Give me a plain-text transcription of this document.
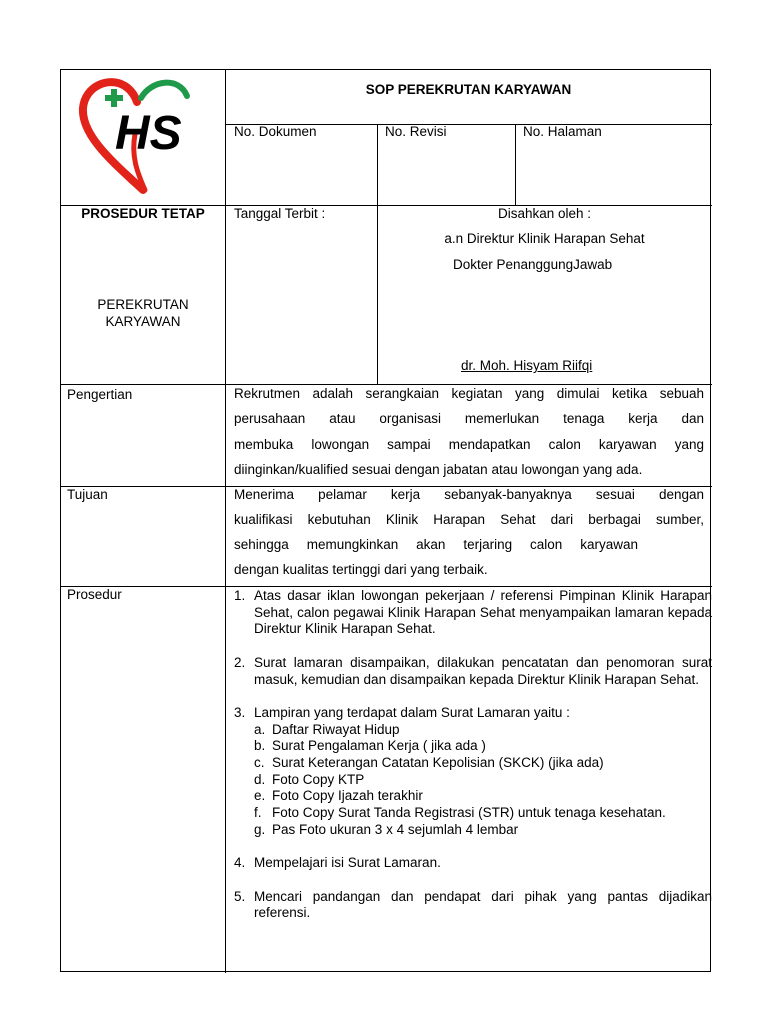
HS
SOP PEREKRUTAN KARYAWAN
No. Dokumen	No. Revisi	No. Halaman
PROSEDUR TETAP
PEREKRUTAN KARYAWAN
Tanggal Terbit :	Disahkan oleh :
a.n Direktur Klinik Harapan Sehat
Dokter PenanggungJawab
dr. Moh. Hisyam Riifqi
Pengertian	Rekrutmen adalah serangkaian kegiatan yang dimulai ketika sebuah
perusahaan atau organisasi memerlukan tenaga kerja dan
membuka lowongan sampai mendapatkan calon karyawan yang
diinginkan/kualified sesuai dengan jabatan atau lowongan yang ada.
Tujuan	Menerima pelamar kerja sebanyak-banyaknya sesuai dengan
kualifikasi kebutuhan Klinik Harapan Sehat dari berbagai sumber,
sehingga memungkinkan akan terjaring calon karyawan
dengan kualitas tertinggi dari yang terbaik.
Prosedur	1. Atas dasar iklan lowongan pekerjaan / referensi Pimpinan Klinik Harapan Sehat, calon pegawai Klinik Harapan Sehat menyampaikan lamaran kepada Direktur Klinik Harapan Sehat.
2. Surat lamaran disampaikan, dilakukan pencatatan dan penomoran surat masuk, kemudian dan disampaikan kepada Direktur Klinik Harapan Sehat.
3. Lampiran yang terdapat dalam Surat Lamaran yaitu :
a. Daftar Riwayat Hidup
b. Surat Pengalaman Kerja ( jika ada )
c. Surat Keterangan Catatan Kepolisian (SKCK) (jika ada)
d. Foto Copy KTP
e. Foto Copy Ijazah terakhir
f. Foto Copy Surat Tanda Registrasi (STR) untuk tenaga kesehatan.
g. Pas Foto ukuran 3 x 4 sejumlah 4 lembar
4. Mempelajari isi Surat Lamaran.
5. Mencari pandangan dan pendapat dari pihak yang pantas dijadikan referensi.
